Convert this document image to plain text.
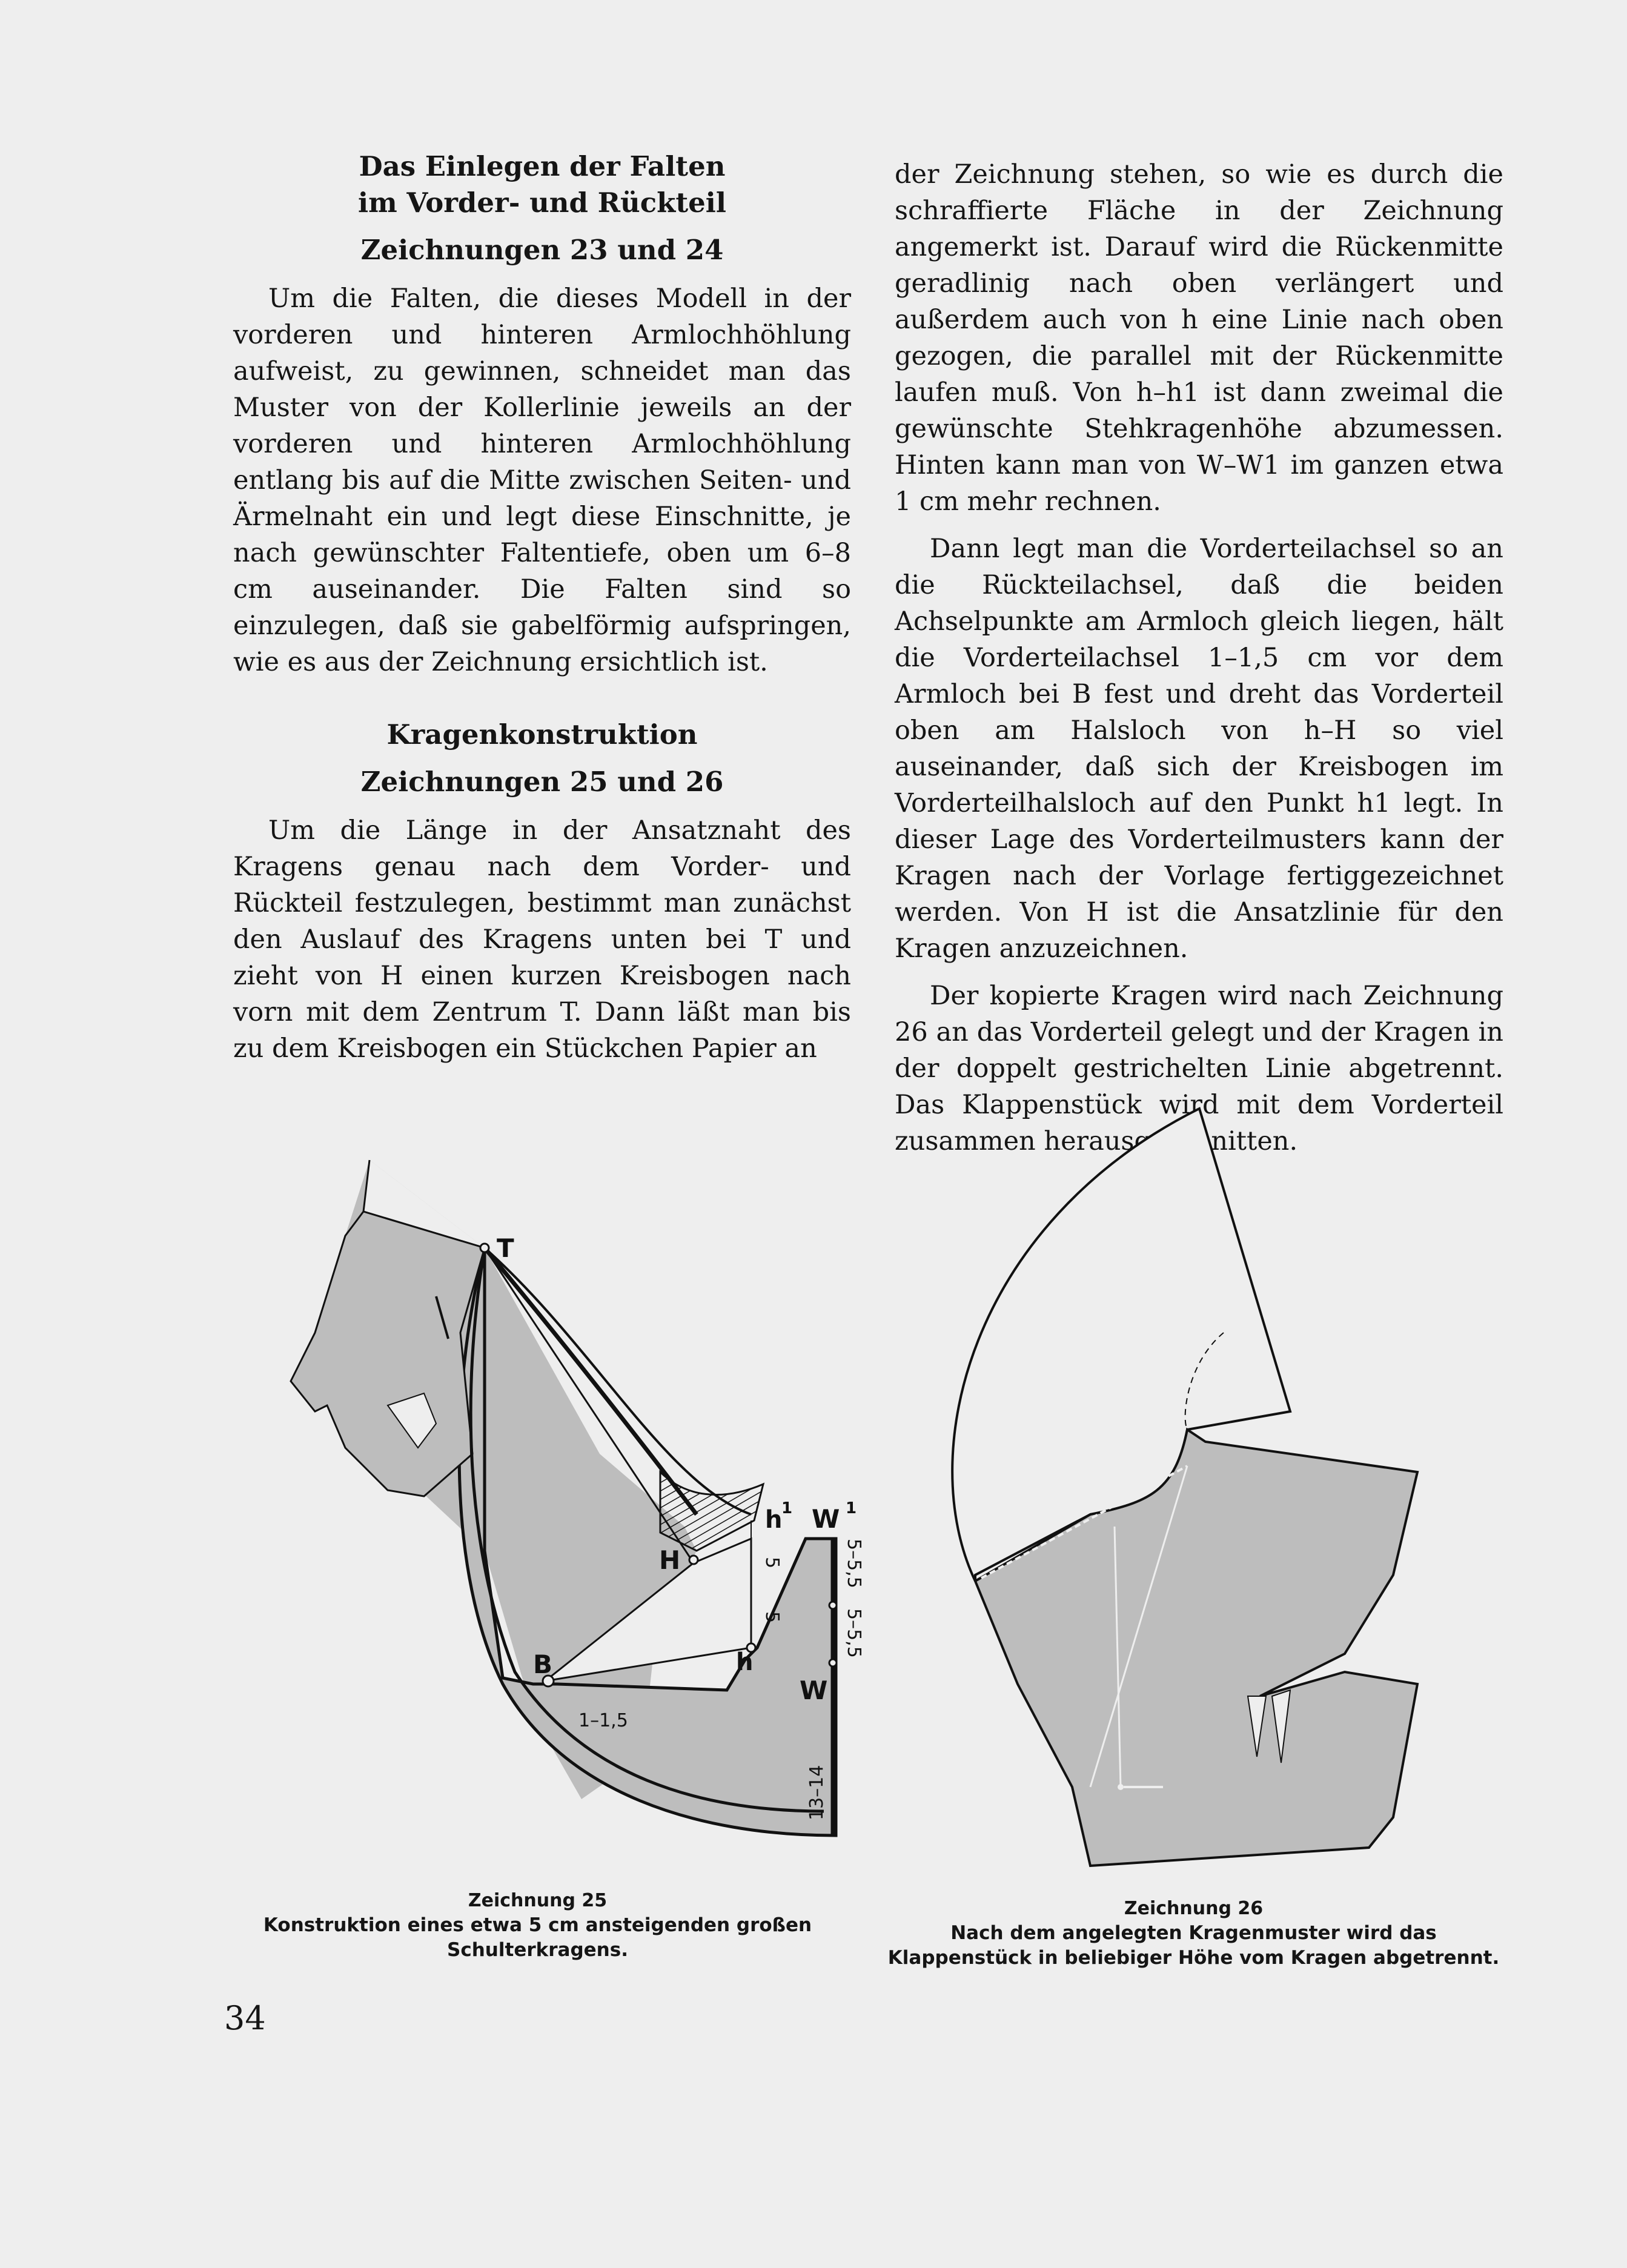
Das Einlegen der Falten
im Vorder- und Rückteil
Zeichnungen 23 und 24

Um die Falten, die dieses Modell in der vorderen und hinteren Armlochhöhlung aufweist, zu gewinnen, schneidet man das Muster von der Kollerlinie jeweils an der vorderen und hinteren Armlochhöhlung entlang bis auf die Mitte zwischen Seiten- und Ärmelnaht ein und legt diese Einschnitte, je nach gewünschter Faltentiefe, oben um 6–8 cm auseinander. Die Falten sind so einzulegen, daß sie gabelförmig aufspringen, wie es aus der Zeichnung ersichtlich ist.

Kragenkonstruktion
Zeichnungen 25 und 26

Um die Länge in der Ansatznaht des Kragens genau nach dem Vorder- und Rückteil festzulegen, bestimmt man zunächst den Auslauf des Kragens unten bei T und zieht von H einen kurzen Kreisbogen nach vorn mit dem Zentrum T. Dann läßt man bis zu dem Kreisbogen ein Stückchen Papier an

der Zeichnung stehen, so wie es durch die schraffierte Fläche in der Zeichnung angemerkt ist. Darauf wird die Rückenmitte geradlinig nach oben verlängert und außerdem auch von h eine Linie nach oben gezogen, die parallel mit der Rückenmitte laufen muß. Von h–h1 ist dann zweimal die gewünschte Stehkragenhöhe abzumessen. Hinten kann man von W–W1 im ganzen etwa 1 cm mehr rechnen.

Dann legt man die Vorderteilachsel so an die Rückteilachsel, daß die beiden Achselpunkte am Armloch gleich liegen, hält die Vorderteilachsel 1–1,5 cm vor dem Armloch bei B fest und dreht das Vorderteil oben am Halsloch von h–H so viel auseinander, daß sich der Kreisbogen im Vorderteilhalsloch auf den Punkt h1 legt. In dieser Lage des Vorderteilmusters kann der Kragen nach der Vorlage fertiggezeichnet werden. Von H ist die Ansatzlinie für den Kragen anzuzeichnen.

Der kopierte Kragen wird nach Zeichnung 26 an das Vorderteil gelegt und der Kragen in der doppelt gestrichelten Linie abgetrennt. Das Klappenstück wird mit dem Vorderteil zusammen herausgeschnitten.

T
H
h
h
1 W 1
W
B
5
5
5–5,5
5–5,5
1–1,5
13–14
Zeichnung 25
Konstruktion eines etwa 5 cm ansteigenden großen Schulterkragens.
Zeichnung 26
Nach dem angelegten Kragenmuster wird das Klappenstück in beliebiger Höhe vom Kragen abgetrennt.
34
